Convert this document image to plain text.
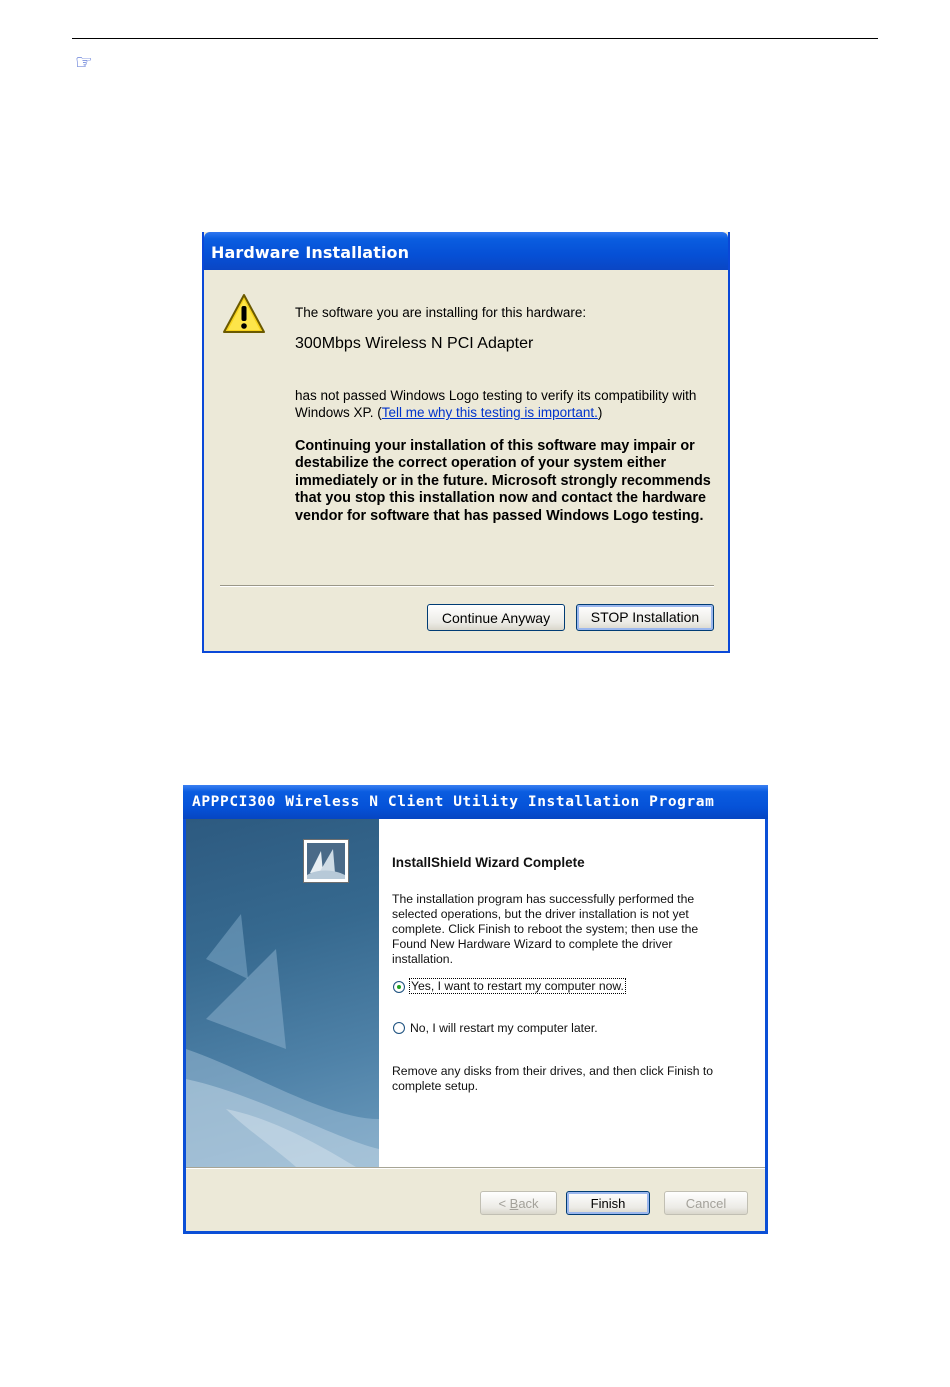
☞
Hardware Installation
The software you are installing for this hardware:
300Mbps Wireless N PCI Adapter
has not passed Windows Logo testing to verify its compatibility with Windows XP. (Tell me why this testing is important.)
Continuing your installation of this software may impair or destabilize the correct operation of your system either immediately or in the future. Microsoft strongly recommends that you stop this installation now and contact the hardware vendor for software that has passed Windows Logo testing.
Continue Anyway	STOP Installation
APPPCI300 Wireless N Client Utility Installation Program
InstallShield Wizard Complete
The installation program has successfully performed the selected operations, but the driver installation is not yet complete. Click Finish to reboot the system; then use the Found New Hardware Wizard to complete the driver installation.
Yes, I want to restart my computer now.
No, I will restart my computer later.
Remove any disks from their drives, and then click Finish to complete setup.
< Back	Finish	Cancel
